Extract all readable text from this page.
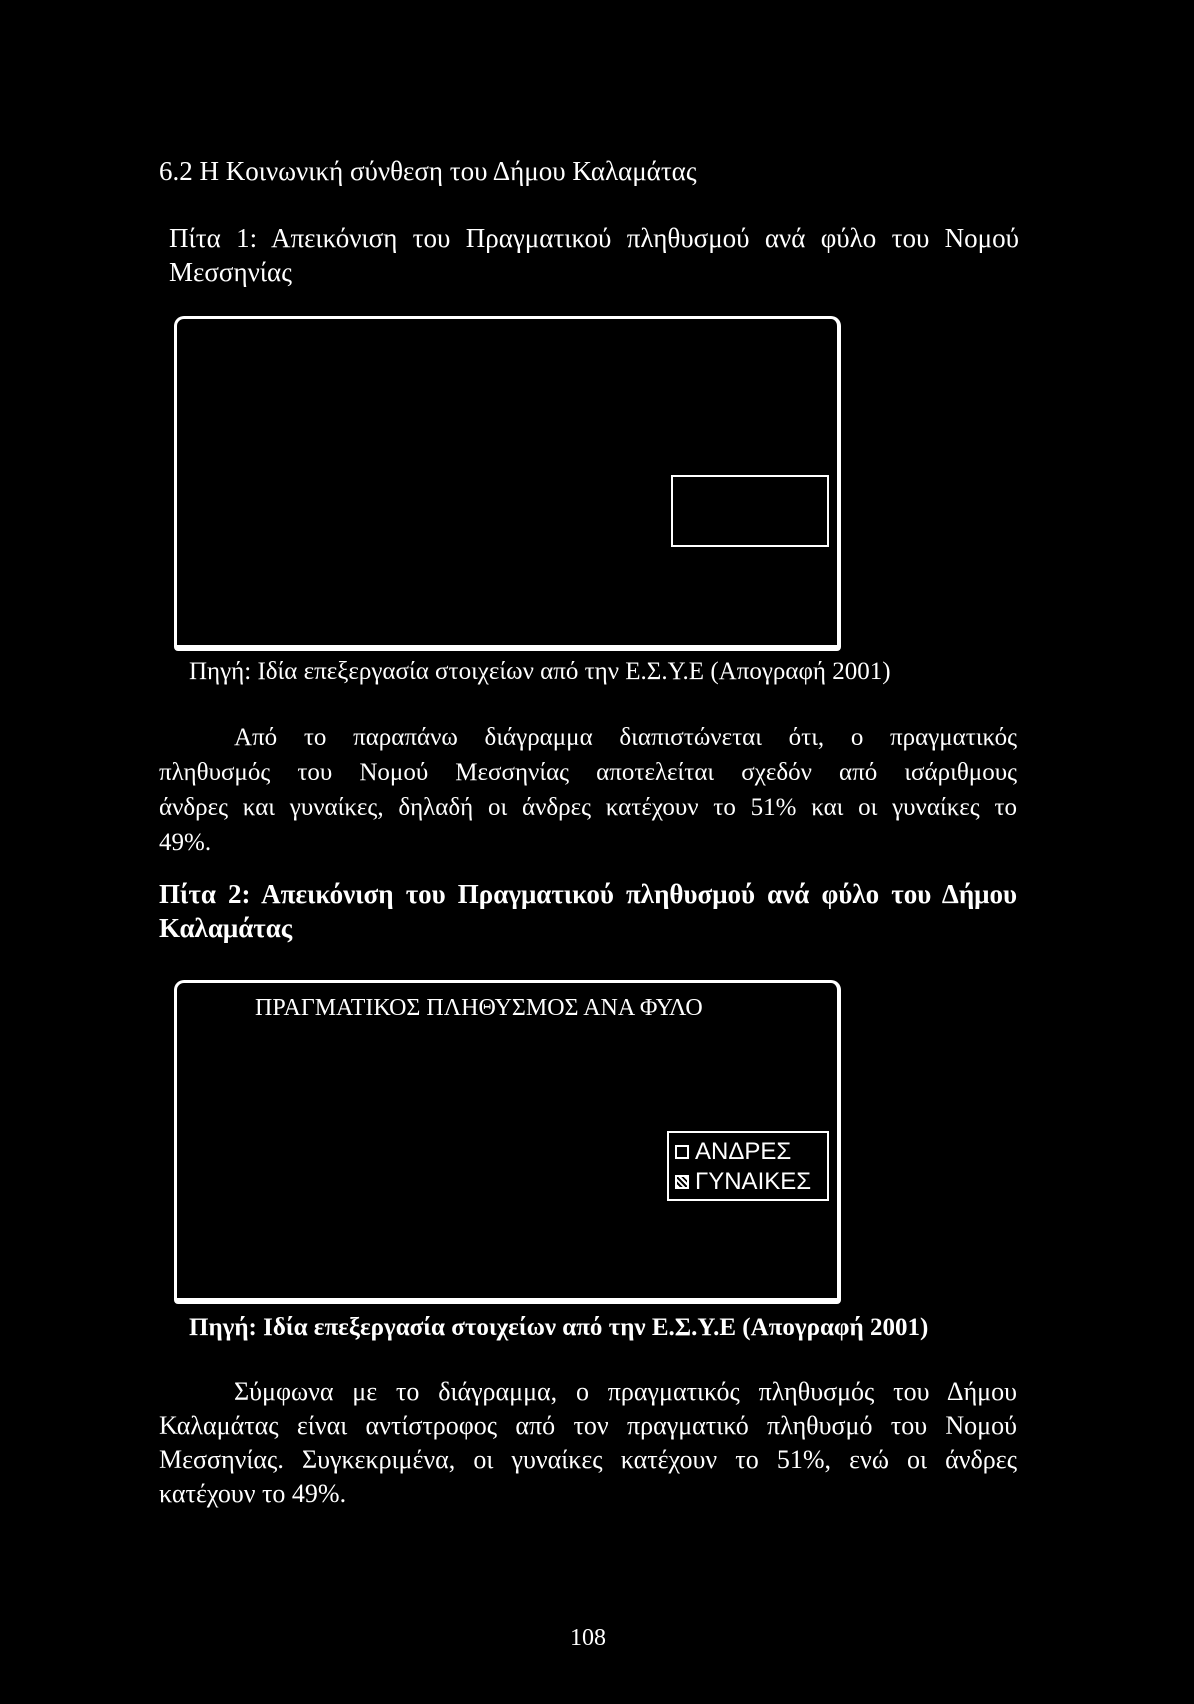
6.2 Η Κοινωνική σύνθεση του Δήμου Καλαμάτας
Πίτα 1: Απεικόνιση του Πραγματικού πληθυσμού ανά φύλο του Νομού
Μεσσηνίας
Πηγή: Ιδία επεξεργασία στοιχείων από την Ε.Σ.Υ.Ε (Απογραφή 2001)
Από το παραπάνω διάγραμμα διαπιστώνεται ότι, ο πραγματικός
πληθυσμός του Νομού Μεσσηνίας αποτελείται σχεδόν από ισάριθμους
άνδρες και γυναίκες, δηλαδή οι άνδρες κατέχουν το 51% και οι γυναίκες το
49%.
Πίτα 2: Απεικόνιση του Πραγματικού πληθυσμού ανά φύλο του Δήμου
Καλαμάτας
ΠΡΑΓΜΑΤΙΚΟΣ ΠΛΗΘΥΣΜΟΣ ΑΝΑ ΦΥΛΟ
ΑΝΔΡΕΣ
ΓΥΝΑΙΚΕΣ
Πηγή: Ιδία επεξεργασία στοιχείων από την Ε.Σ.Υ.Ε (Απογραφή 2001)
Σύμφωνα με το διάγραμμα, ο πραγματικός πληθυσμός του Δήμου
Καλαμάτας είναι αντίστροφος από τον πραγματικό πληθυσμό του Νομού
Μεσσηνίας. Συγκεκριμένα, οι γυναίκες κατέχουν το 51%, ενώ οι άνδρες
κατέχουν το 49%.
108
